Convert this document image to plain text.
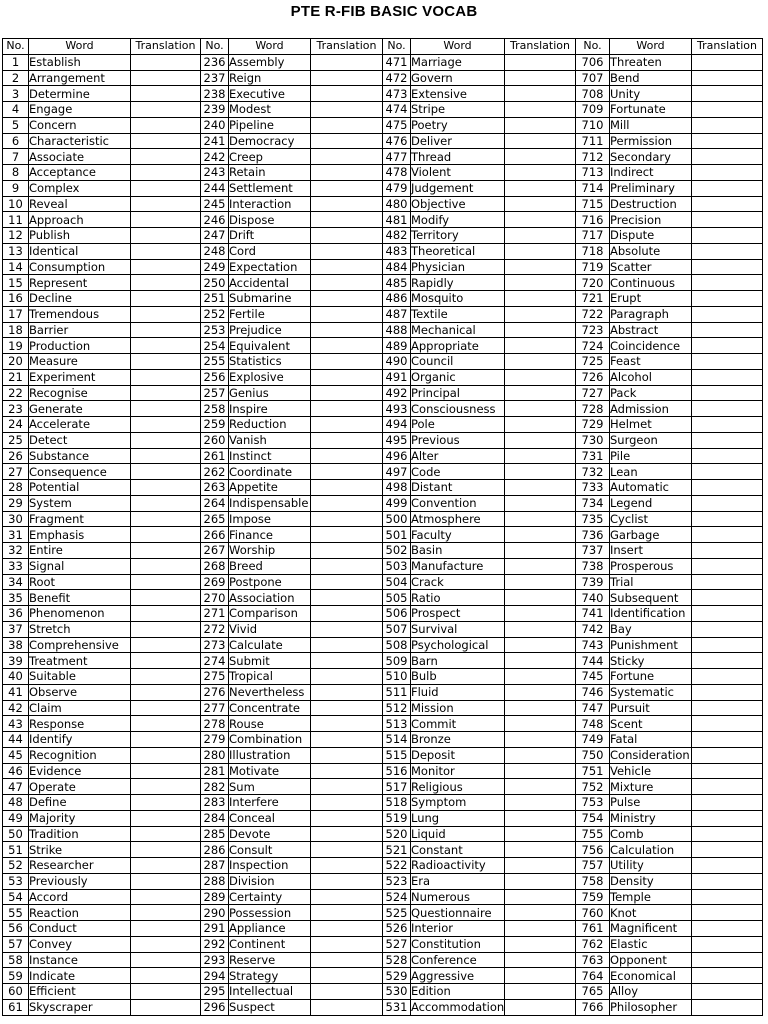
PTE R-FIB BASIC VOCAB
No.	Word	Translation	No.	Word	Translation	No.	Word	Translation	No.	Word	Translation
1	Establish		236	Assembly		471	Marriage		706	Threaten	
2	Arrangement		237	Reign		472	Govern		707	Bend	
3	Determine		238	Executive		473	Extensive		708	Unity	
4	Engage		239	Modest		474	Stripe		709	Fortunate	
5	Concern		240	Pipeline		475	Poetry		710	Mill	
6	Characteristic		241	Democracy		476	Deliver		711	Permission	
7	Associate		242	Creep		477	Thread		712	Secondary	
8	Acceptance		243	Retain		478	Violent		713	Indirect	
9	Complex		244	Settlement		479	Judgement		714	Preliminary	
10	Reveal		245	Interaction		480	Objective		715	Destruction	
11	Approach		246	Dispose		481	Modify		716	Precision	
12	Publish		247	Drift		482	Territory		717	Dispute	
13	Identical		248	Cord		483	Theoretical		718	Absolute	
14	Consumption		249	Expectation		484	Physician		719	Scatter	
15	Represent		250	Accidental		485	Rapidly		720	Continuous	
16	Decline		251	Submarine		486	Mosquito		721	Erupt	
17	Tremendous		252	Fertile		487	Textile		722	Paragraph	
18	Barrier		253	Prejudice		488	Mechanical		723	Abstract	
19	Production		254	Equivalent		489	Appropriate		724	Coincidence	
20	Measure		255	Statistics		490	Council		725	Feast	
21	Experiment		256	Explosive		491	Organic		726	Alcohol	
22	Recognise		257	Genius		492	Principal		727	Pack	
23	Generate		258	Inspire		493	Consciousness		728	Admission	
24	Accelerate		259	Reduction		494	Pole		729	Helmet	
25	Detect		260	Vanish		495	Previous		730	Surgeon	
26	Substance		261	Instinct		496	Alter		731	Pile	
27	Consequence		262	Coordinate		497	Code		732	Lean	
28	Potential		263	Appetite		498	Distant		733	Automatic	
29	System		264	Indispensable		499	Convention		734	Legend	
30	Fragment		265	Impose		500	Atmosphere		735	Cyclist	
31	Emphasis		266	Finance		501	Faculty		736	Garbage	
32	Entire		267	Worship		502	Basin		737	Insert	
33	Signal		268	Breed		503	Manufacture		738	Prosperous	
34	Root		269	Postpone		504	Crack		739	Trial	
35	Benefit		270	Association		505	Ratio		740	Subsequent	
36	Phenomenon		271	Comparison		506	Prospect		741	Identification	
37	Stretch		272	Vivid		507	Survival		742	Bay	
38	Comprehensive		273	Calculate		508	Psychological		743	Punishment	
39	Treatment		274	Submit		509	Barn		744	Sticky	
40	Suitable		275	Tropical		510	Bulb		745	Fortune	
41	Observe		276	Nevertheless		511	Fluid		746	Systematic	
42	Claim		277	Concentrate		512	Mission		747	Pursuit	
43	Response		278	Rouse		513	Commit		748	Scent	
44	Identify		279	Combination		514	Bronze		749	Fatal	
45	Recognition		280	Illustration		515	Deposit		750	Consideration	
46	Evidence		281	Motivate		516	Monitor		751	Vehicle	
47	Operate		282	Sum		517	Religious		752	Mixture	
48	Define		283	Interfere		518	Symptom		753	Pulse	
49	Majority		284	Conceal		519	Lung		754	Ministry	
50	Tradition		285	Devote		520	Liquid		755	Comb	
51	Strike		286	Consult		521	Constant		756	Calculation	
52	Researcher		287	Inspection		522	Radioactivity		757	Utility	
53	Previously		288	Division		523	Era		758	Density	
54	Accord		289	Certainty		524	Numerous		759	Temple	
55	Reaction		290	Possession		525	Questionnaire		760	Knot	
56	Conduct		291	Appliance		526	Interior		761	Magnificent	
57	Convey		292	Continent		527	Constitution		762	Elastic	
58	Instance		293	Reserve		528	Conference		763	Opponent	
59	Indicate		294	Strategy		529	Aggressive		764	Economical	
60	Efficient		295	Intellectual		530	Edition		765	Alloy	
61	Skyscraper		296	Suspect		531	Accommodation		766	Philosopher	
